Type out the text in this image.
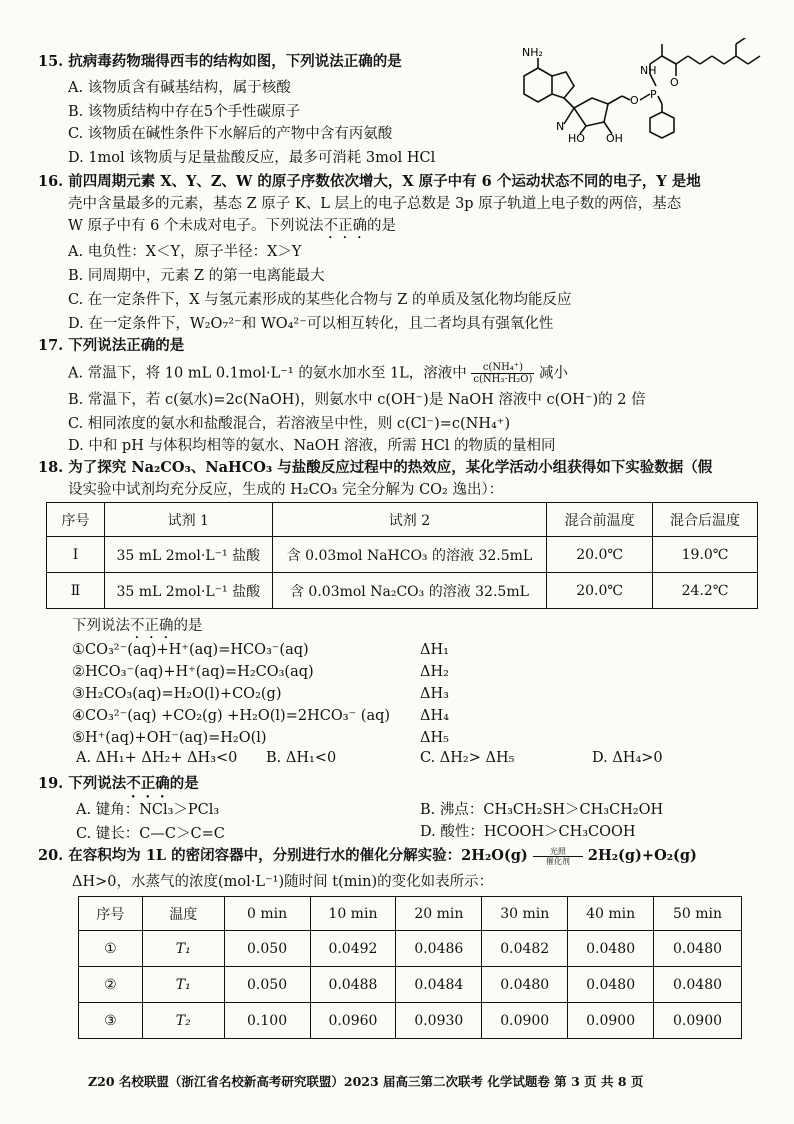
15. 抗病毒药物瑞得西韦的结构如图，下列说法正确的是
A. 该物质含有碱基结构，属于核酸
B. 该物质结构中存在5个手性碳原子
C. 该物质在碱性条件下水解后的产物中含有丙氨酸
D. 1mol 该物质与足量盐酸反应，最多可消耗 3mol HCl
NH₂
N
HO OH
O P
NH
O
16. 前四周期元素 X、Y、Z、W 的原子序数依次增大，X 原子中有 6 个运动状态不同的电子，Y 是地
壳中含量最多的元素，基态 Z 原子 K、L 层上的电子总数是 3p 原子轨道上电子数的两倍，基态
W 原子中有 6 个未成对电子。下列说法不正确的是
A. 电负性：X＜Y，原子半径：X＞Y
B. 同周期中，元素 Z 的第一电离能最大
C. 在一定条件下，X 与氢元素形成的某些化合物与 Z 的单质及氢化物均能反应
D. 在一定条件下，W₂O₇²⁻和 WO₄²⁻可以相互转化，且二者均具有强氧化性
17. 下列说法正确的是
A. 常温下，将 10 mL 0.1mol·L⁻¹ 的氨水加水至 1L，溶液中 $\frac{\text{c(NH₄⁺)}}{\text{c(NH₃·H₂O)}}$ 减小
B. 常温下，若 c(氨水)=2c(NaOH)，则氨水中 c(OH⁻)是 NaOH 溶液中 c(OH⁻)的 2 倍
C. 相同浓度的氨水和盐酸混合，若溶液呈中性，则 c(Cl⁻)=c(NH₄⁺)
D. 中和 pH 与体积均相等的氨水、NaOH 溶液，所需 HCl 的物质的量相同
18. 为了探究 Na₂CO₃、NaHCO₃ 与盐酸反应过程中的热效应，某化学活动小组获得如下实验数据（假
设实验中试剂均充分反应，生成的 H₂CO₃ 完全分解为 CO₂ 逸出）：
序号	试剂 1	试剂 2	混合前温度	混合后温度
Ⅰ	35 mL 2mol·L⁻¹ 盐酸	含 0.03mol NaHCO₃ 的溶液 32.5mL	20.0℃	19.0℃
Ⅱ	35 mL 2mol·L⁻¹ 盐酸	含 0.03mol Na₂CO₃ 的溶液 32.5mL	20.0℃	24.2℃
下列说法不正确的是
①CO₃²⁻(aq)+H⁺(aq)=HCO₃⁻(aq)	ΔH₁
②HCO₃⁻(aq)+H⁺(aq)=H₂CO₃(aq)	ΔH₂
③H₂CO₃(aq)=H₂O(l)+CO₂(g)	ΔH₃
④CO₃²⁻(aq) +CO₂(g) +H₂O(l)=2HCO₃⁻ (aq) ΔH₄
⑤H⁺(aq)+OH⁻(aq)=H₂O(l)	ΔH₅
A. ΔH₁+ ΔH₂+ ΔH₃<0 B. ΔH₁<0	C. ΔH₂> ΔH₅	D. ΔH₄>0
19. 下列说法不正确的是
A. 键角：NCl₃＞PCl₃	B. 沸点：CH₃CH₂SH＞CH₃CH₂OH
C. 键长：C—C＞C=C	D. 酸性：HCOOH＞CH₃COOH
20. 在容积均为 1L 的密闭容器中，分别进行水的催化分解实验：2H₂O(g)	光照
催化剂	2H₂(g)+O₂(g)
ΔH>0，水蒸气的浓度(mol·L⁻¹)随时间 t(min)的变化如表所示：
序号	温度	0 min	10 min	20 min	30 min	40 min	50 min
①	T₁	0.050	0.0492	0.0486	0.0482	0.0480	0.0480
②	T₁	0.050	0.0488	0.0484	0.0480	0.0480	0.0480
③	T₂	0.100	0.0960	0.0930	0.0900	0.0900	0.0900
Z20 名校联盟（浙江省名校新高考研究联盟）2023 届高三第二次联考 化学试题卷 第 3 页 共 8 页
